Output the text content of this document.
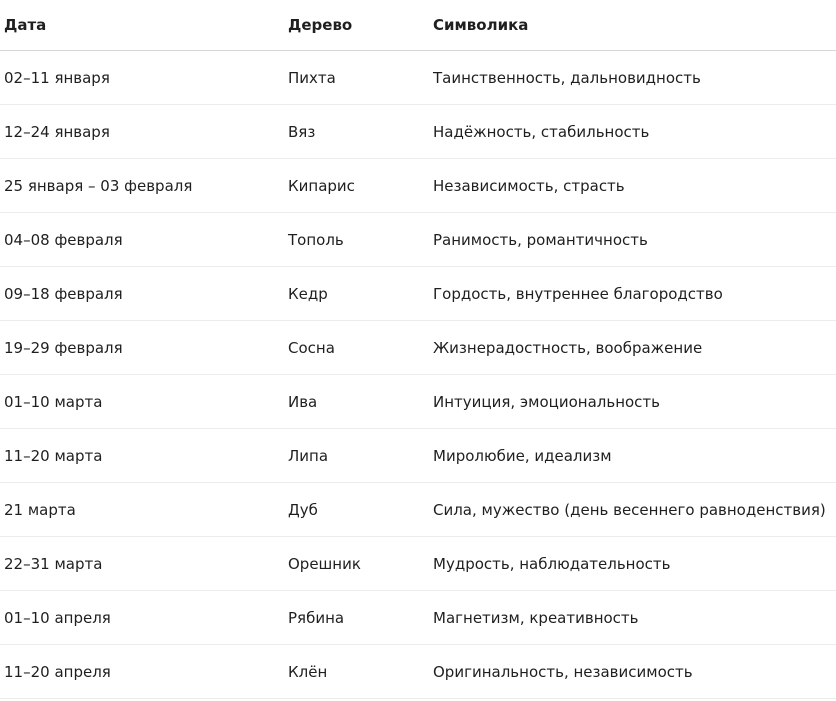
Дата	Дерево	Символика
02–11 января	Пихта	Таинственность, дальновидность
12–24 января	Вяз	Надёжность, стабильность
25 января – 03 февраля	Кипарис	Независимость, страсть
04–08 февраля	Тополь	Ранимость, романтичность
09–18 февраля	Кедр	Гордость, внутреннее благородство
19–29 февраля	Сосна	Жизнерадостность, воображение
01–10 марта	Ива	Интуиция, эмоциональность
11–20 марта	Липа	Миролюбие, идеализм
21 марта	Дуб	Сила, мужество (день весеннего равноденствия)
22–31 марта	Орешник	Мудрость, наблюдательность
01–10 апреля	Рябина	Магнетизм, креативность
11–20 апреля	Клён	Оригинальность, независимость
